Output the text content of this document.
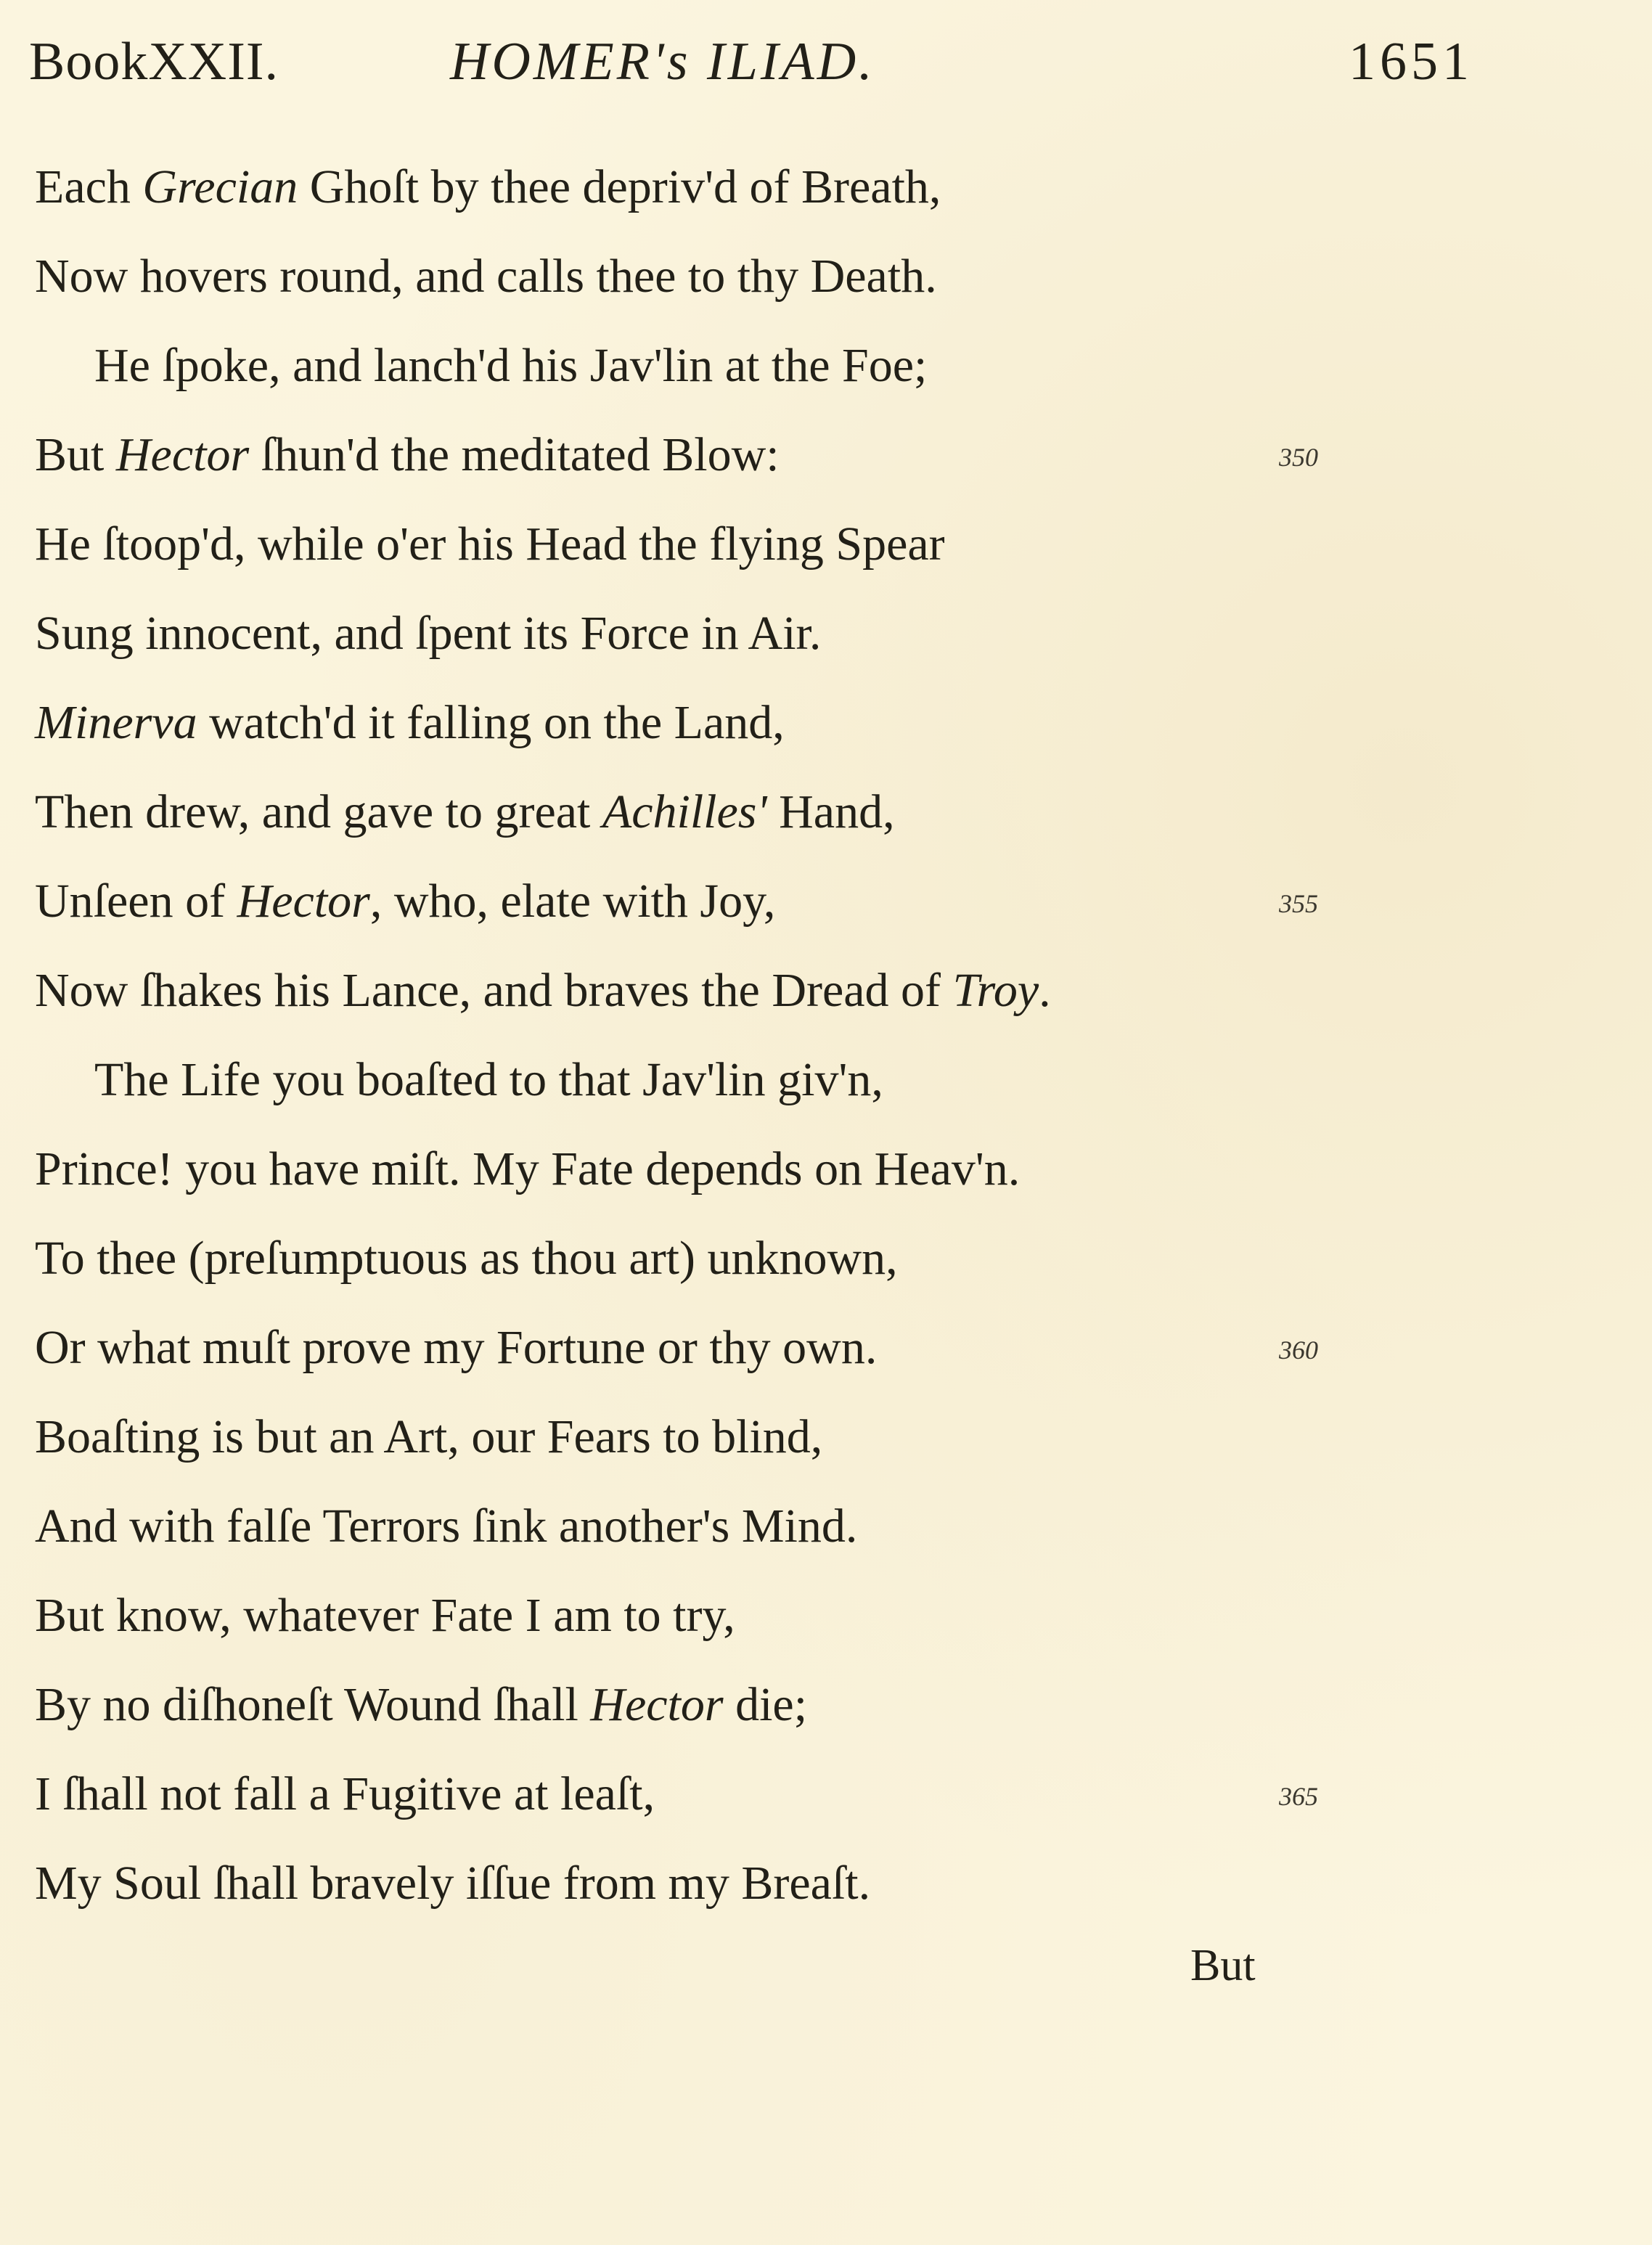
BookXXII.	HOMER's ILIAD.	1651
Each Grecian Ghoſt by thee depriv'd of Breath,
Now hovers round, and calls thee to thy Death.
He ſpoke, and lanch'd his Jav'lin at the Foe;
But Hector ſhun'd the meditated Blow:	350
He ſtoop'd, while o'er his Head the flying Spear
Sung innocent, and ſpent its Force in Air.
Minerva watch'd it falling on the Land,
Then drew, and gave to great Achilles' Hand,
Unſeen of Hector, who, elate with Joy,	355
Now ſhakes his Lance, and braves the Dread of Troy.
The Life you boaſted to that Jav'lin giv'n,
Prince! you have miſt. My Fate depends on Heav'n.
To thee (preſumptuous as thou art) unknown,
Or what muſt prove my Fortune or thy own.	360
Boaſting is but an Art, our Fears to blind,
And with falſe Terrors ſink another's Mind.
But know, whatever Fate I am to try,
By no diſhoneſt Wound ſhall Hector die;
I ſhall not fall a Fugitive at leaſt,	365
My Soul ſhall bravely iſſue from my Breaſt.
But
